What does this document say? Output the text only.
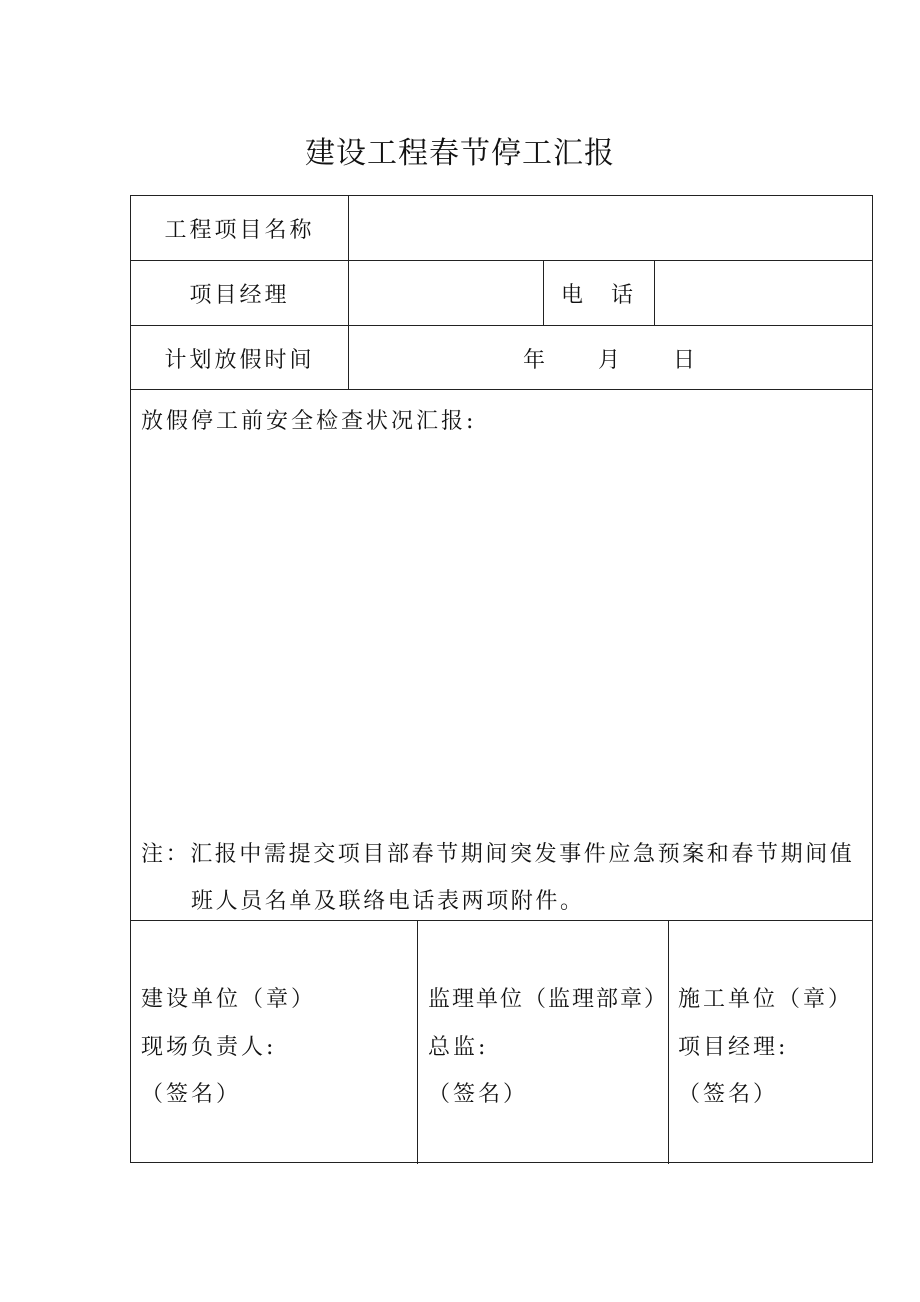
建设工程春节停工汇报
工程项目名称
项目经理	电　话
计划放假时间	年　　月　　日
放假停工前安全检查状况汇报:
注：汇报中需提交项目部春节期间突发事件应急预案和春节期间值
班人员名单及联络电话表两项附件。
建设单位（章）
现场负责人:
（签名）
监理单位（监理部章）
总监:
（签名）
施工单位（章）
项目经理:
（签名）
